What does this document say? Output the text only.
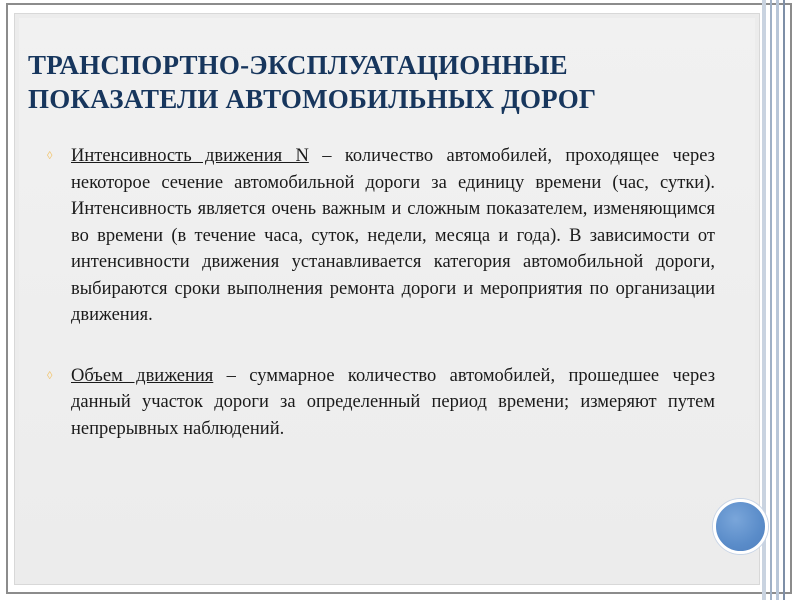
ТРАНСПОРТНО-ЭКСПЛУАТАЦИОННЫЕ
ПОКАЗАТЕЛИ АВТОМОБИЛЬНЫХ ДОРОГ
◊ Интенсивность движения N – количество автомобилей, проходящее через некоторое сечение автомобильной дороги за единицу времени (час, сутки). Интенсивность является очень важным и сложным показателем, изменяющимся во времени (в течение часа, суток, недели, месяца и года). В зависимости от интенсивности движения устанавливается категория автомобильной дороги, выбираются сроки выполнения ремонта дороги и мероприятия по организации движения.
◊ Объем движения – суммарное количество автомобилей, прошедшее через данный участок дороги за определенный период времени; измеряют путем непрерывных наблюдений.
